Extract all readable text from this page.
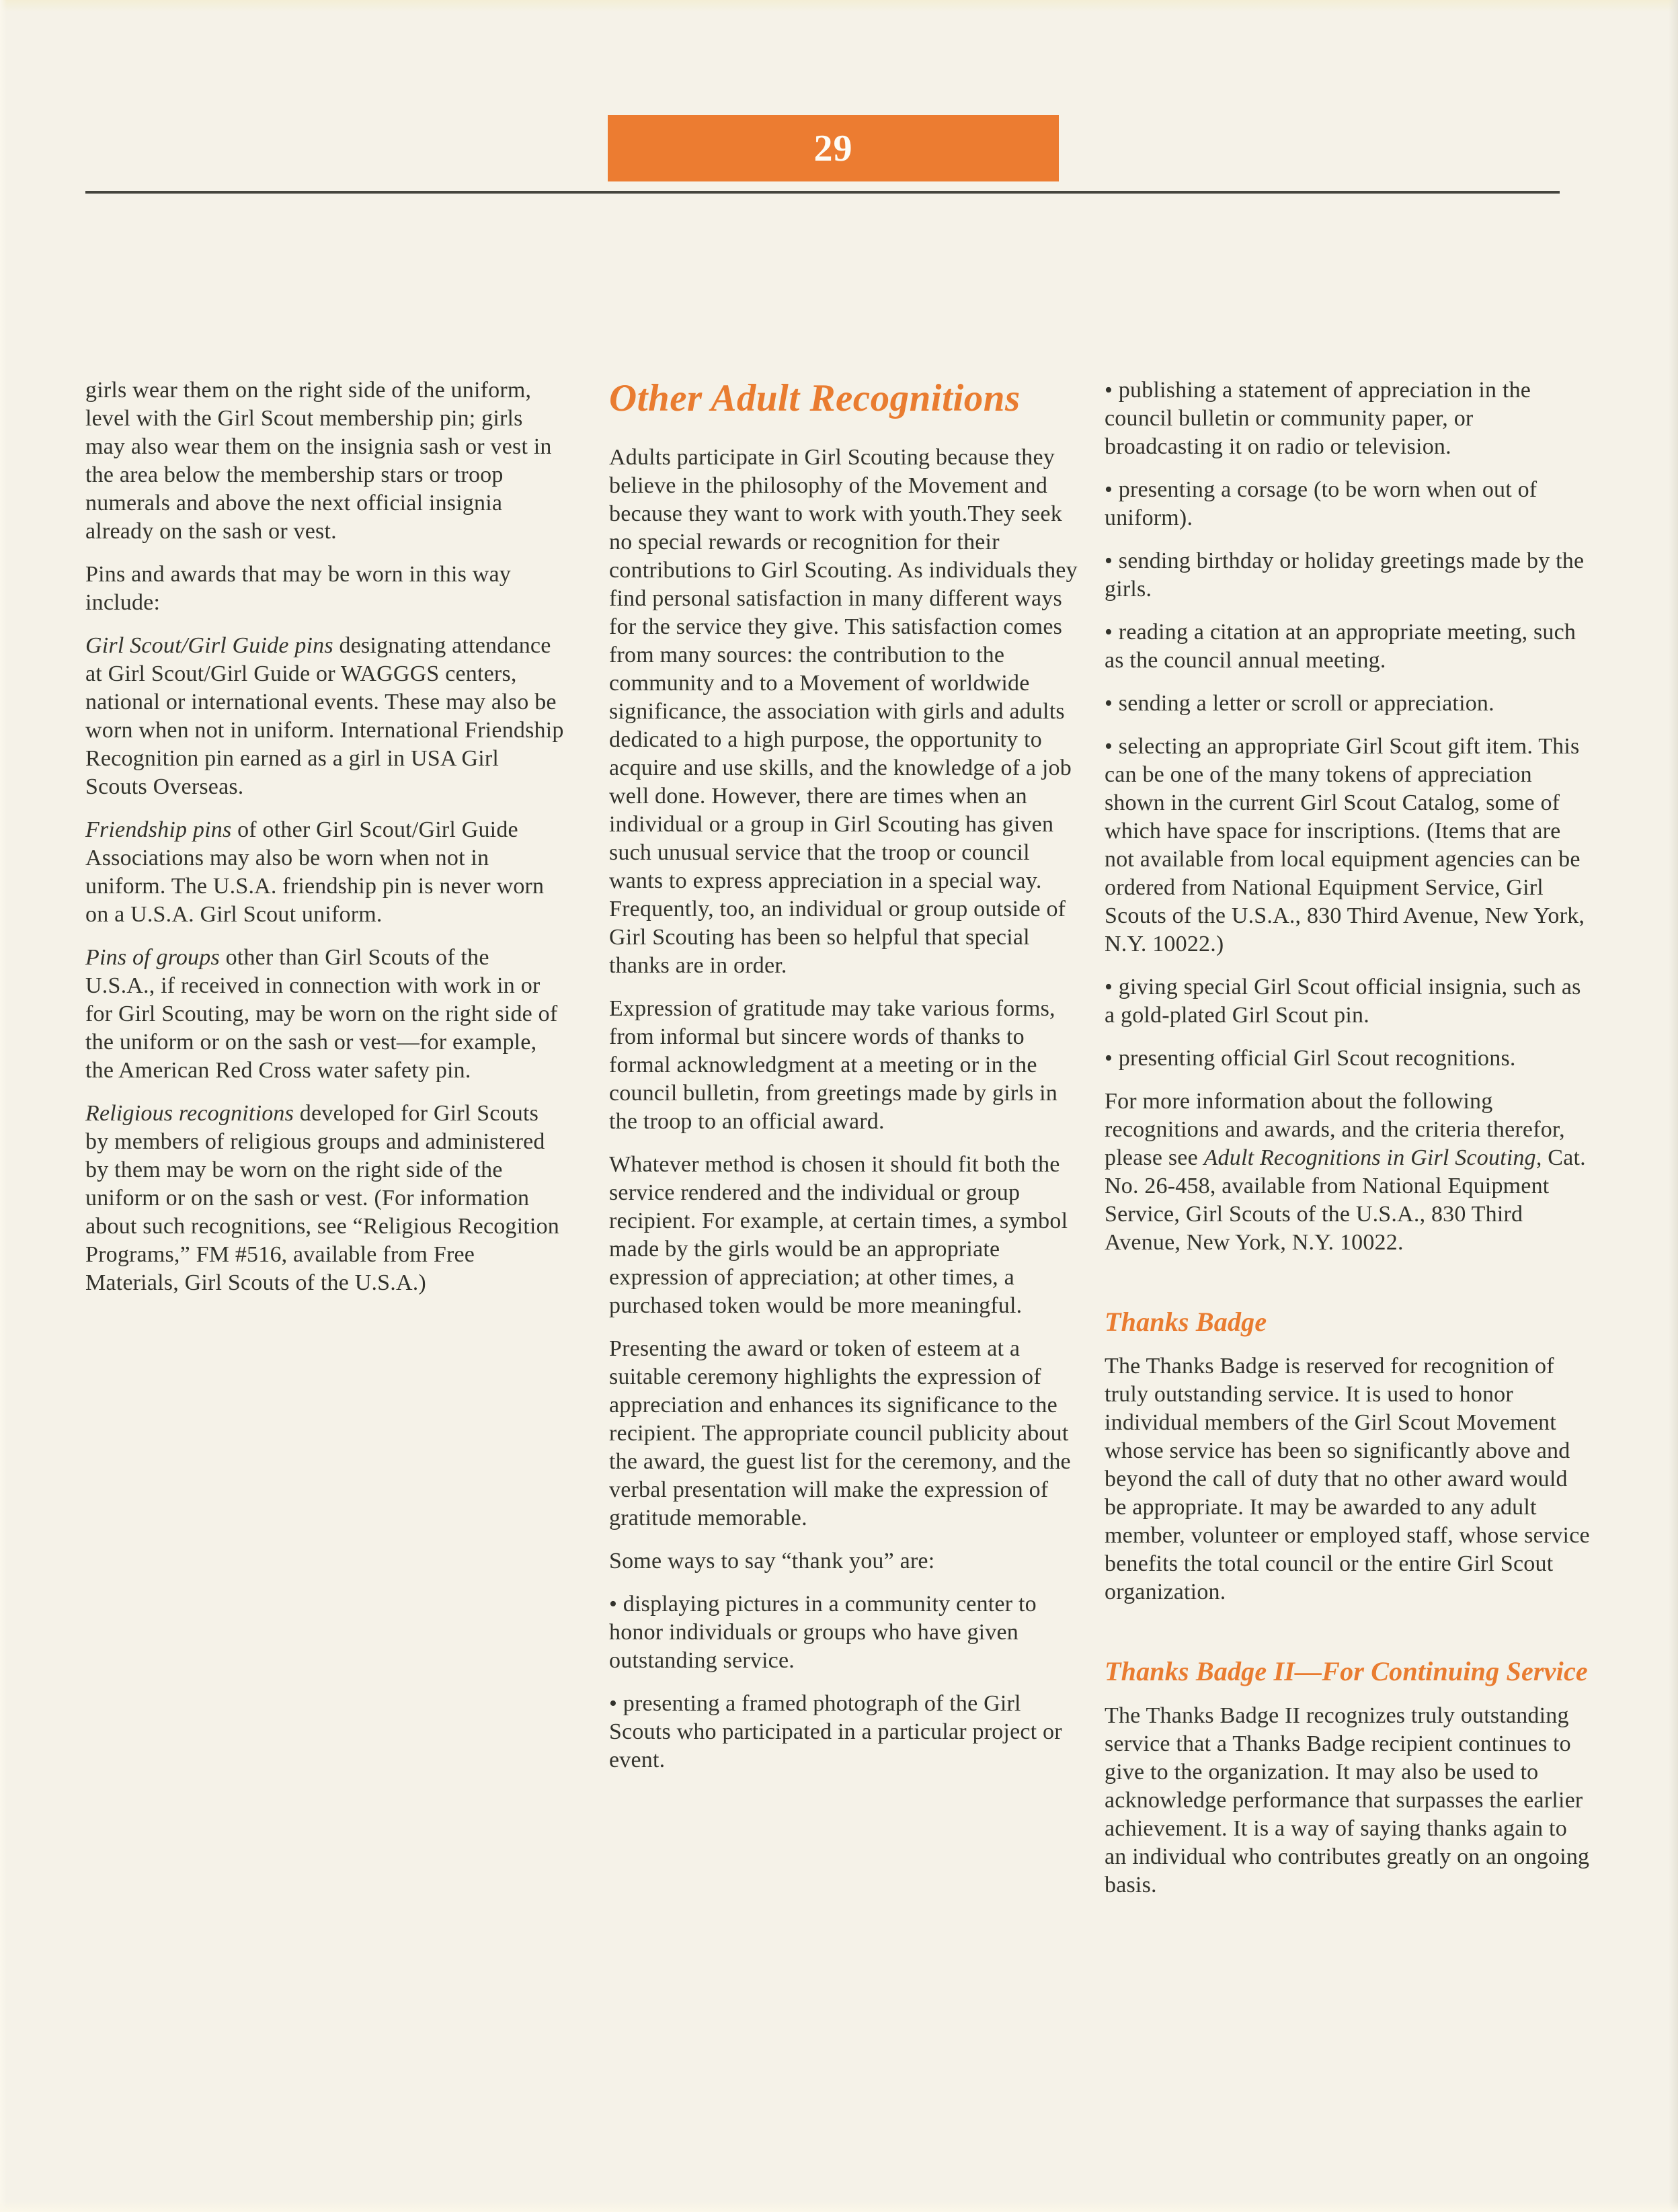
29

girls wear them on the right side of the uniform, level with the Girl Scout membership pin; girls may also wear them on the insignia sash or vest in the area below the membership stars or troop numerals and above the next official insignia already on the sash or vest.

Pins and awards that may be worn in this way include:

Girl Scout/Girl Guide pins designating attendance at Girl Scout/Girl Guide or WAGGGS centers, national or international events. These may also be worn when not in uniform. International Friendship Recognition pin earned as a girl in USA Girl Scouts Overseas.

Friendship pins of other Girl Scout/Girl Guide Associations may also be worn when not in uniform. The U.S.A. friendship pin is never worn on a U.S.A. Girl Scout uniform.

Pins of groups other than Girl Scouts of the U.S.A., if received in connection with work in or for Girl Scouting, may be worn on the right side of the uniform or on the sash or vest—for example, the American Red Cross water safety pin.

Religious recognitions developed for Girl Scouts by members of religious groups and administered by them may be worn on the right side of the uniform or on the sash or vest. (For information about such recognitions, see “Religious Recogition Programs,” FM #516, available from Free Materials, Girl Scouts of the U.S.A.)

Other Adult Recognitions

Adults participate in Girl Scouting because they believe in the philosophy of the Movement and because they want to work with youth.They seek no special rewards or recognition for their contributions to Girl Scouting. As individuals they find personal satisfaction in many different ways for the service they give. This satisfaction comes from many sources: the contribution to the community and to a Movement of worldwide significance, the association with girls and adults dedicated to a high purpose, the opportunity to acquire and use skills, and the knowledge of a job well done. However, there are times when an individual or a group in Girl Scouting has given such unusual service that the troop or council wants to express appreciation in a special way. Frequently, too, an individual or group outside of Girl Scouting has been so helpful that special thanks are in order.

Expression of gratitude may take various forms, from informal but sincere words of thanks to formal acknowledgment at a meeting or in the council bulletin, from greetings made by girls in the troop to an official award.

Whatever method is chosen it should fit both the service rendered and the individual or group recipient. For example, at certain times, a symbol made by the girls would be an appropriate expression of appreciation; at other times, a purchased token would be more meaningful.

Presenting the award or token of esteem at a suitable ceremony highlights the expression of appreciation and enhances its significance to the recipient. The appropriate council publicity about the award, the guest list for the ceremony, and the verbal presentation will make the expression of gratitude memorable.

Some ways to say “thank you” are:

• displaying pictures in a community center to honor individuals or groups who have given outstanding service.

• presenting a framed photograph of the Girl Scouts who participated in a particular project or event.

• publishing a statement of appreciation in the council bulletin or community paper, or broadcasting it on radio or television.

• presenting a corsage (to be worn when out of uniform).

• sending birthday or holiday greetings made by the girls.

• reading a citation at an appropriate meeting, such as the council annual meeting.

• sending a letter or scroll or appreciation.

• selecting an appropriate Girl Scout gift item. This can be one of the many tokens of appreciation shown in the current Girl Scout Catalog, some of which have space for inscriptions. (Items that are not available from local equipment agencies can be ordered from National Equipment Service, Girl Scouts of the U.S.A., 830 Third Avenue, New York, N.Y. 10022.)

• giving special Girl Scout official insignia, such as a gold-plated Girl Scout pin.

• presenting official Girl Scout recognitions.

For more information about the following recognitions and awards, and the criteria therefor, please see Adult Recognitions in Girl Scouting, Cat. No. 26-458, available from National Equipment Service, Girl Scouts of the U.S.A., 830 Third Avenue, New York, N.Y. 10022.

Thanks Badge

The Thanks Badge is reserved for recognition of truly outstanding service. It is used to honor individual members of the Girl Scout Movement whose service has been so significantly above and beyond the call of duty that no other award would be appropriate. It may be awarded to any adult member, volunteer or employed staff, whose service benefits the total council or the entire Girl Scout organization.

Thanks Badge II—For Continuing Service

The Thanks Badge II recognizes truly outstanding service that a Thanks Badge recipient continues to give to the organization. It may also be used to acknowledge performance that surpasses the earlier achievement. It is a way of saying thanks again to an individual who contributes greatly on an ongoing basis.
